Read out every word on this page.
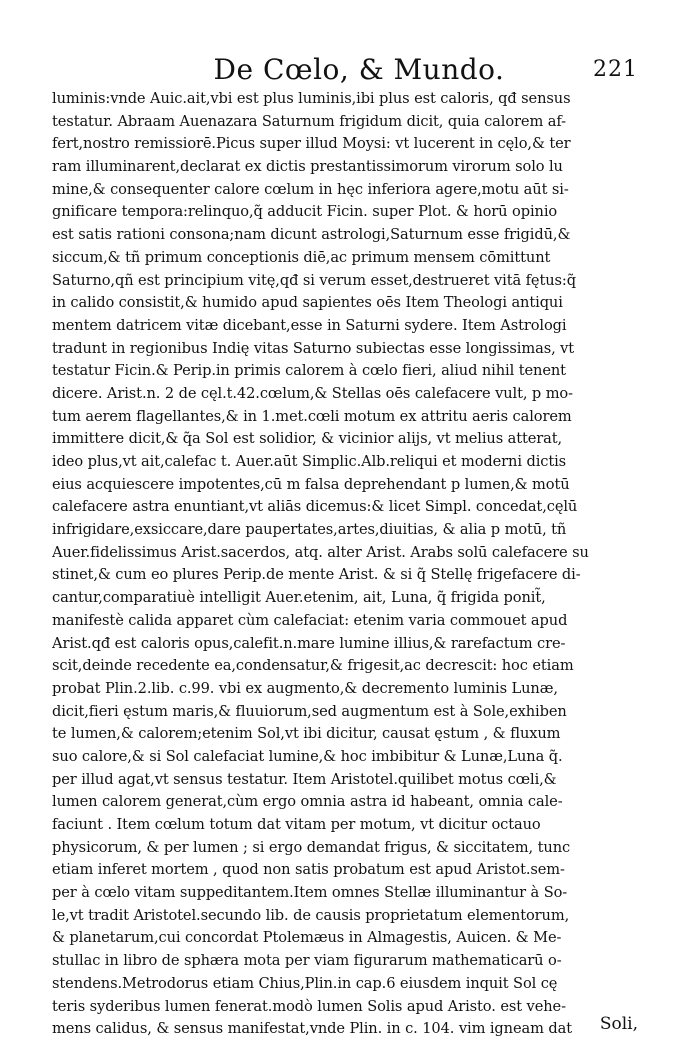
De Cœlo, & Mundo.	221
luminis:vnde Auic.ait,vbi est plus luminis,ibi plus est caloris, qđ sensus
testatur. Abraam Auenazara Saturnum frigidum dicit, quia calorem af-
fert,nostro remissiorē.Picus super illud Moysi: vt lucerent in cęlo,& ter
ram illuminarent,declarat ex dictis prestantissimorum virorum solo lu
mine,& consequenter calore cœlum in hęc inferiora agere,motu aūt si-
gnificare tempora:relinquo,q̃ adducit Ficin. super Plot. & horū opinio
est satis rationi consona;nam dicunt astrologi,Saturnum esse frigidū,&
siccum,& tñ primum conceptionis diē,ac primum mensem cōmittunt
Saturno,qñ est principium vitę,qđ si verum esset,destrueret vitā fętus:q̃
in calido consistit,& humido apud sapientes oēs Item Theologi antiqui
mentem datricem vitæ dicebant,esse in Saturni sydere. Item Astrologi
tradunt in regionibus Indię vitas Saturno subiectas esse longissimas, vt
testatur Ficin.& Perip.in primis calorem à cœlo fieri, aliud nihil tenent
dicere. Arist.n. 2 de cęl.t.42.cœlum,& Stellas oēs calefacere vult, p mo-
tum aerem flagellantes,& in 1.met.cœli motum ex attritu aeris calorem
immittere dicit,& q̃a Sol est solidior, & vicinior alijs, vt melius atterat,
ideo plus,vt ait,calefac t. Auer.aūt Simplic.Alb.reliqui et moderni dictis
eius acquiescere impotentes,cū m falsa deprehendant p lumen,& motū
calefacere astra enuntiant,vt aliās dicemus:& licet Simpl. concedat,cęlū
infrigidare,exsiccare,dare paupertates,artes,diuitias, & alia p motū, tñ
Auer.fidelissimus Arist.sacerdos, atq. alter Arist. Arabs solū calefacere su
stinet,& cum eo plures Perip.de mente Arist. & si q̃ Stellę frigefacere di-
cantur,comparatiuè intelligit Auer.etenim, ait, Luna, q̃ frigida ponit̃,
manifestè calida apparet cùm calefaciat: etenim varia commouet apud
Arist.qđ est caloris opus,calefit.n.mare lumine illius,& rarefactum cre-
scit,deinde recedente ea,condensatur,& frigesit,ac decrescit: hoc etiam
probat Plin.2.lib. c.99. vbi ex augmento,& decremento luminis Lunæ,
dicit,fieri ęstum maris,& fluuiorum,sed augmentum est à Sole,exhiben
te lumen,& calorem;etenim Sol,vt ibi dicitur, causat ęstum , & fluxum
suo calore,& si Sol calefaciat lumine,& hoc imbibitur & Lunæ,Luna q̃.
per illud agat,vt sensus testatur. Item Aristotel.quilibet motus cœli,&
lumen calorem generat,cùm ergo omnia astra id habeant, omnia cale-
faciunt . Item cœlum totum dat vitam per motum, vt dicitur octauo
physicorum, & per lumen ; si ergo demandat frigus, & siccitatem, tunc
etiam inferet mortem , quod non satis probatum est apud Aristot.sem-
per à cœlo vitam suppeditantem.Item omnes Stellæ illuminantur à So-
le,vt tradit Aristotel.secundo lib. de causis proprietatum elementorum,
& planetarum,cui concordat Ptolemæus in Almagestis, Auicen. & Me-
stullac in libro de sphæra mota per viam figurarum mathematicarū o-
stendens.Metrodorus etiam Chius,Plin.in cap.6 eiusdem inquit Sol cę
teris syderibus lumen fenerat.modò lumen Solis apud Aristo. est vehe-
mens calidus, & sensus manifestat,vnde Plin. in c. 104. vim igneam dat	Soli,
